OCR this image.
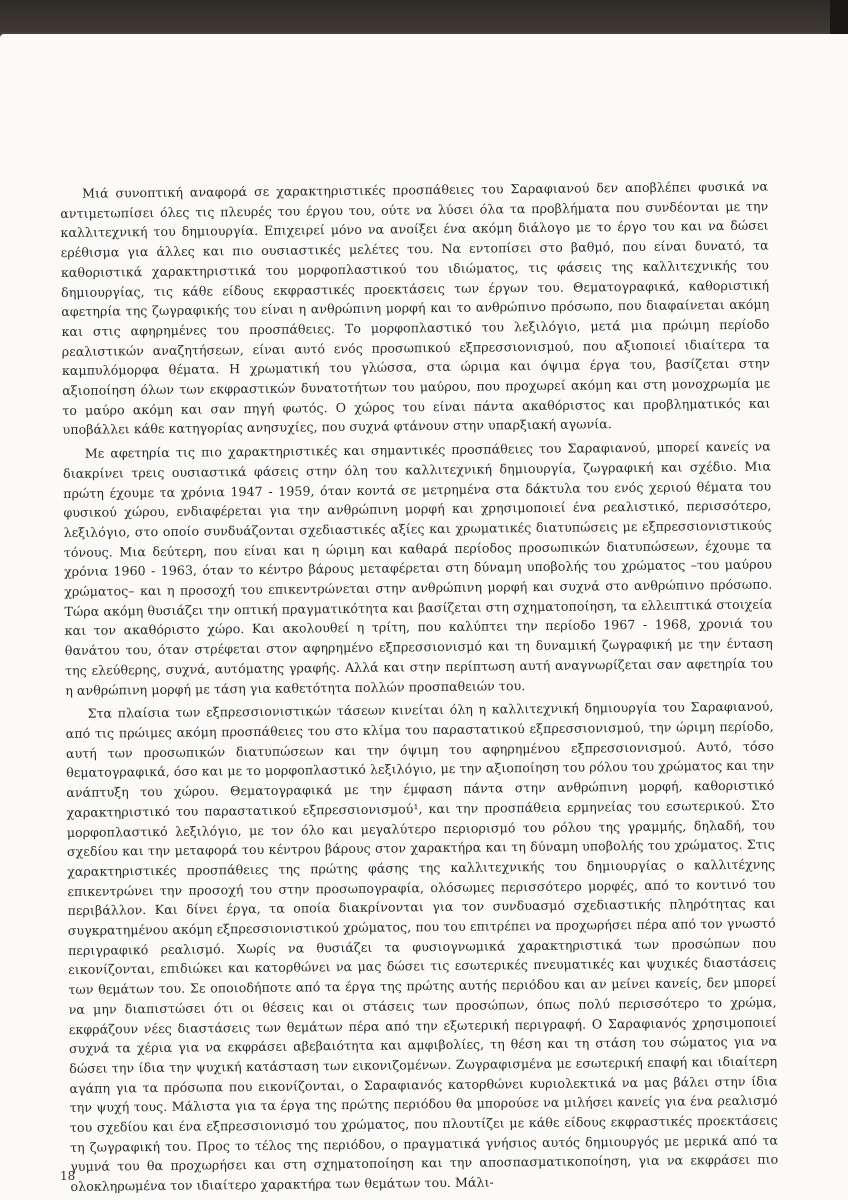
Μιά συνοπτική αναφορά σε χαρακτηριστικές προσπάθειες του Σαραφιανού δεν αποβλέπει φυσικά να αντιμετωπίσει όλες τις πλευρές του έργου του, ούτε να λύσει όλα τα προβλήματα που συνδέονται με την καλλιτεχνική του δημιουργία. Επιχειρεί μόνο να ανοίξει ένα ακόμη διάλογο με το έργο του και να δώσει ερέθισμα για άλλες και πιο ουσιαστικές μελέτες του. Να εντοπίσει στο βαθμό, που είναι δυνατό, τα καθοριστικά χαρακτηριστικά του μορφοπλαστικού του ιδιώματος, τις φάσεις της καλλιτεχνικής του δημιουργίας, τις κάθε είδους εκφραστικές προεκτάσεις των έργων του. Θεματογραφικά, καθοριστική αφετηρία της ζωγραφικής του είναι η ανθρώπινη μορφή και το ανθρώπινο πρόσωπο, που διαφαίνεται ακόμη και στις αφηρημένες του προσπάθειες. Το μορφοπλαστικό του λεξιλόγιο, μετά μια πρώιμη περίοδο ρεαλιστικών αναζητήσεων, είναι αυτό ενός προσωπικού εξπρεσσιονισμού, που αξιοποιεί ιδιαίτερα τα καμπυλόμορφα θέματα. Η χρωματική του γλώσσα, στα ώριμα και όψιμα έργα του, βασίζεται στην αξιοποίηση όλων των εκφραστικών δυνατοτήτων του μαύρου, που προχωρεί ακόμη και στη μονοχρωμία με το μαύρο ακόμη και σαν πηγή φωτός. Ο χώρος του είναι πάντα ακαθόριστος και προβληματικός και υποβάλλει κάθε κατηγορίας ανησυχίες, που συχνά φτάνουν στην υπαρξιακή αγωνία.

Με αφετηρία τις πιο χαρακτηριστικές και σημαντικές προσπάθειες του Σαραφιανού, μπορεί κανείς να διακρίνει τρεις ουσιαστικά φάσεις στην όλη του καλλιτεχνική δημιουργία, ζωγραφική και σχέδιο. Μια πρώτη έχουμε τα χρόνια 1947 - 1959, όταν κοντά σε μετρημένα στα δάκτυλα του ενός χεριού θέματα του φυσικού χώρου, ενδιαφέρεται για την ανθρώπινη μορφή και χρησιμοποιεί ένα ρεαλιστικό, περισσότερο, λεξιλόγιο, στο οποίο συνδυάζονται σχεδιαστικές αξίες και χρωματικές διατυπώσεις με εξπρεσσιονιστικούς τόνους. Μια δεύτερη, που είναι και η ώριμη και καθαρά περίοδος προσωπικών διατυπώσεων, έχουμε τα χρόνια 1960 - 1963, όταν το κέντρο βάρους μεταφέρεται στη δύναμη υποβολής του χρώματος –του μαύρου χρώματος– και η προσοχή του επικεντρώνεται στην ανθρώπινη μορφή και συχνά στο ανθρώπινο πρόσωπο. Τώρα ακόμη θυσιάζει την οπτική πραγματικότητα και βασίζεται στη σχηματοποίηση, τα ελλειπτικά στοιχεία και τον ακαθόριστο χώρο. Και ακολουθεί η τρίτη, που καλύπτει την περίοδο 1967 - 1968, χρονιά του θανάτου του, όταν στρέφεται στον αφηρημένο εξπρεσσιονισμό και τη δυναμική ζωγραφική με την ένταση της ελεύθερης, συχνά, αυτόματης γραφής. Αλλά και στην περίπτωση αυτή αναγνωρίζεται σαν αφετηρία του η ανθρώπινη μορφή με τάση για καθετότητα πολλών προσπαθειών του.

Στα πλαίσια των εξπρεσσιονιστικών τάσεων κινείται όλη η καλλιτεχνική δημιουργία του Σαραφιανού, από τις πρώιμες ακόμη προσπάθειες του στο κλίμα του παραστατικού εξπρεσσιονισμού, την ώριμη περίοδο, αυτή των προσωπικών διατυπώσεων και την όψιμη του αφηρημένου εξπρεσσιονισμού. Αυτό, τόσο θεματογραφικά, όσο και με το μορφοπλαστικό λεξιλόγιο, με την αξιοποίηση του ρόλου του χρώματος και την ανάπτυξη του χώρου. Θεματογραφικά με την έμφαση πάντα στην ανθρώπινη μορφή, καθοριστικό χαρακτηριστικό του παραστατικού εξπρεσσιονισμού¹, και την προσπάθεια ερμηνείας του εσωτερικού. Στο μορφοπλαστικό λεξιλόγιο, με τον όλο και μεγαλύτερο περιορισμό του ρόλου της γραμμής, δηλαδή, του σχεδίου και την μεταφορά του κέντρου βάρους στον χαρακτήρα και τη δύναμη υποβολής του χρώματος. Στις χαρακτηριστικές προσπάθειες της πρώτης φάσης της καλλιτεχνικής του δημιουργίας ο καλλιτέχνης επικεντρώνει την προσοχή του στην προσωπογραφία, ολόσωμες περισσότερο μορφές, από το κοντινό του περιβάλλον. Και δίνει έργα, τα οποία διακρίνονται για τον συνδυασμό σχεδιαστικής πληρότητας και συγκρατημένου ακόμη εξπρεσσιονιστικού χρώματος, που του επιτρέπει να προχωρήσει πέρα από τον γνωστό περιγραφικό ρεαλισμό. Χωρίς να θυσιάζει τα φυσιογνωμικά χαρακτηριστικά των προσώπων που εικονίζονται, επιδιώκει και κατορθώνει να μας δώσει τις εσωτερικές πνευματικές και ψυχικές διαστάσεις των θεμάτων του. Σε οποιοδήποτε από τα έργα της πρώτης αυτής περιόδου και αν μείνει κανείς, δεν μπορεί να μην διαπιστώσει ότι οι θέσεις και οι στάσεις των προσώπων, όπως πολύ περισσότερο το χρώμα, εκφράζουν νέες διαστάσεις των θεμάτων πέρα από την εξωτερική περιγραφή. Ο Σαραφιανός χρησιμοποιεί συχνά τα χέρια για να εκφράσει αβεβαιότητα και αμφιβολίες, τη θέση και τη στάση του σώματος για να δώσει την ίδια την ψυχική κατάσταση των εικονιζομένων. Ζωγραφισμένα με εσωτερική επαφή και ιδιαίτερη αγάπη για τα πρόσωπα που εικονίζονται, ο Σαραφιανός κατορθώνει κυριολεκτικά να μας βάλει στην ίδια την ψυχή τους. Μάλιστα για τα έργα της πρώτης περιόδου θα μπορούσε να μιλήσει κανείς για ένα ρεαλισμό του σχεδίου και ένα εξπρεσσιονισμό του χρώματος, που πλουτίζει με κάθε είδους εκφραστικές προεκτάσεις τη ζωγραφική του. Προς το τέλος της περιόδου, ο πραγματικά γνήσιος αυτός δημιουργός με μερικά από τα γυμνά του θα προχωρήσει και στη σχηματοποίηση και την αποσπασματικοποίηση, για να εκφράσει πιο ολοκληρωμένα τον ιδιαίτερο χαρακτήρα των θεμάτων του. Μάλι-

18
